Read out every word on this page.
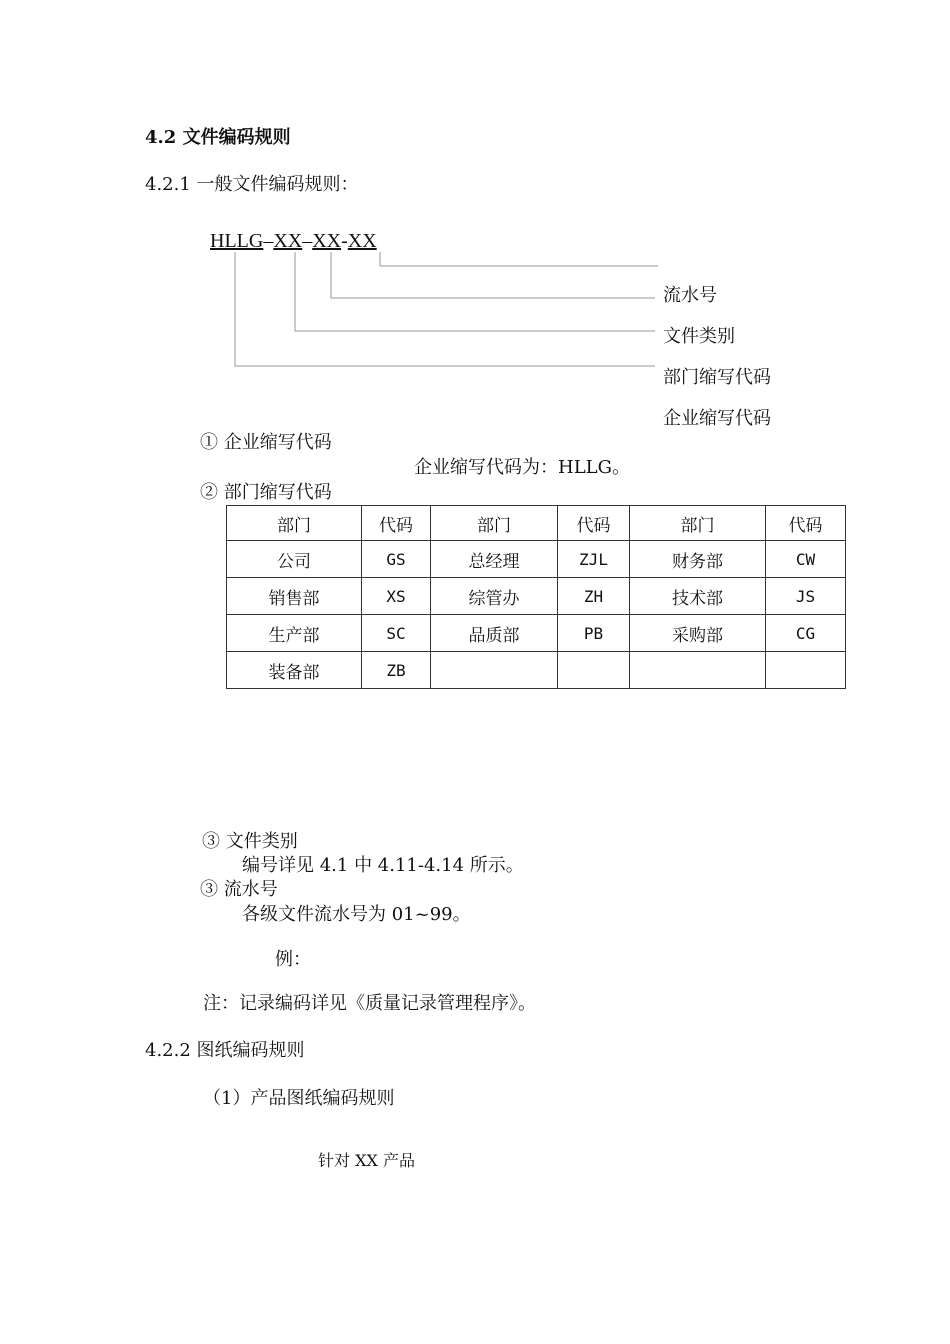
4.2 文件编码规则
4.2.1 一般文件编码规则：
HLLG–XX–XX-XX
流水号
文件类别
部门缩写代码
企业缩写代码
① 企业缩写代码
企业缩写代码为：HLLG。
② 部门缩写代码
部门	代码	部门	代码	部门	代码
公司	GS	总经理	ZJL	财务部	CW
销售部	XS	综管办	ZH	技术部	JS
生产部	SC	品质部	PB	采购部	CG
装备部	ZB				
③ 文件类别
编号详见 4.1 中 4.11-4.14 所示。
③ 流水号
各级文件流水号为 01~99。
例：
注：记录编码详见《质量记录管理程序》。
4.2.2 图纸编码规则
（1）产品图纸编码规则
针对 XX 产品
